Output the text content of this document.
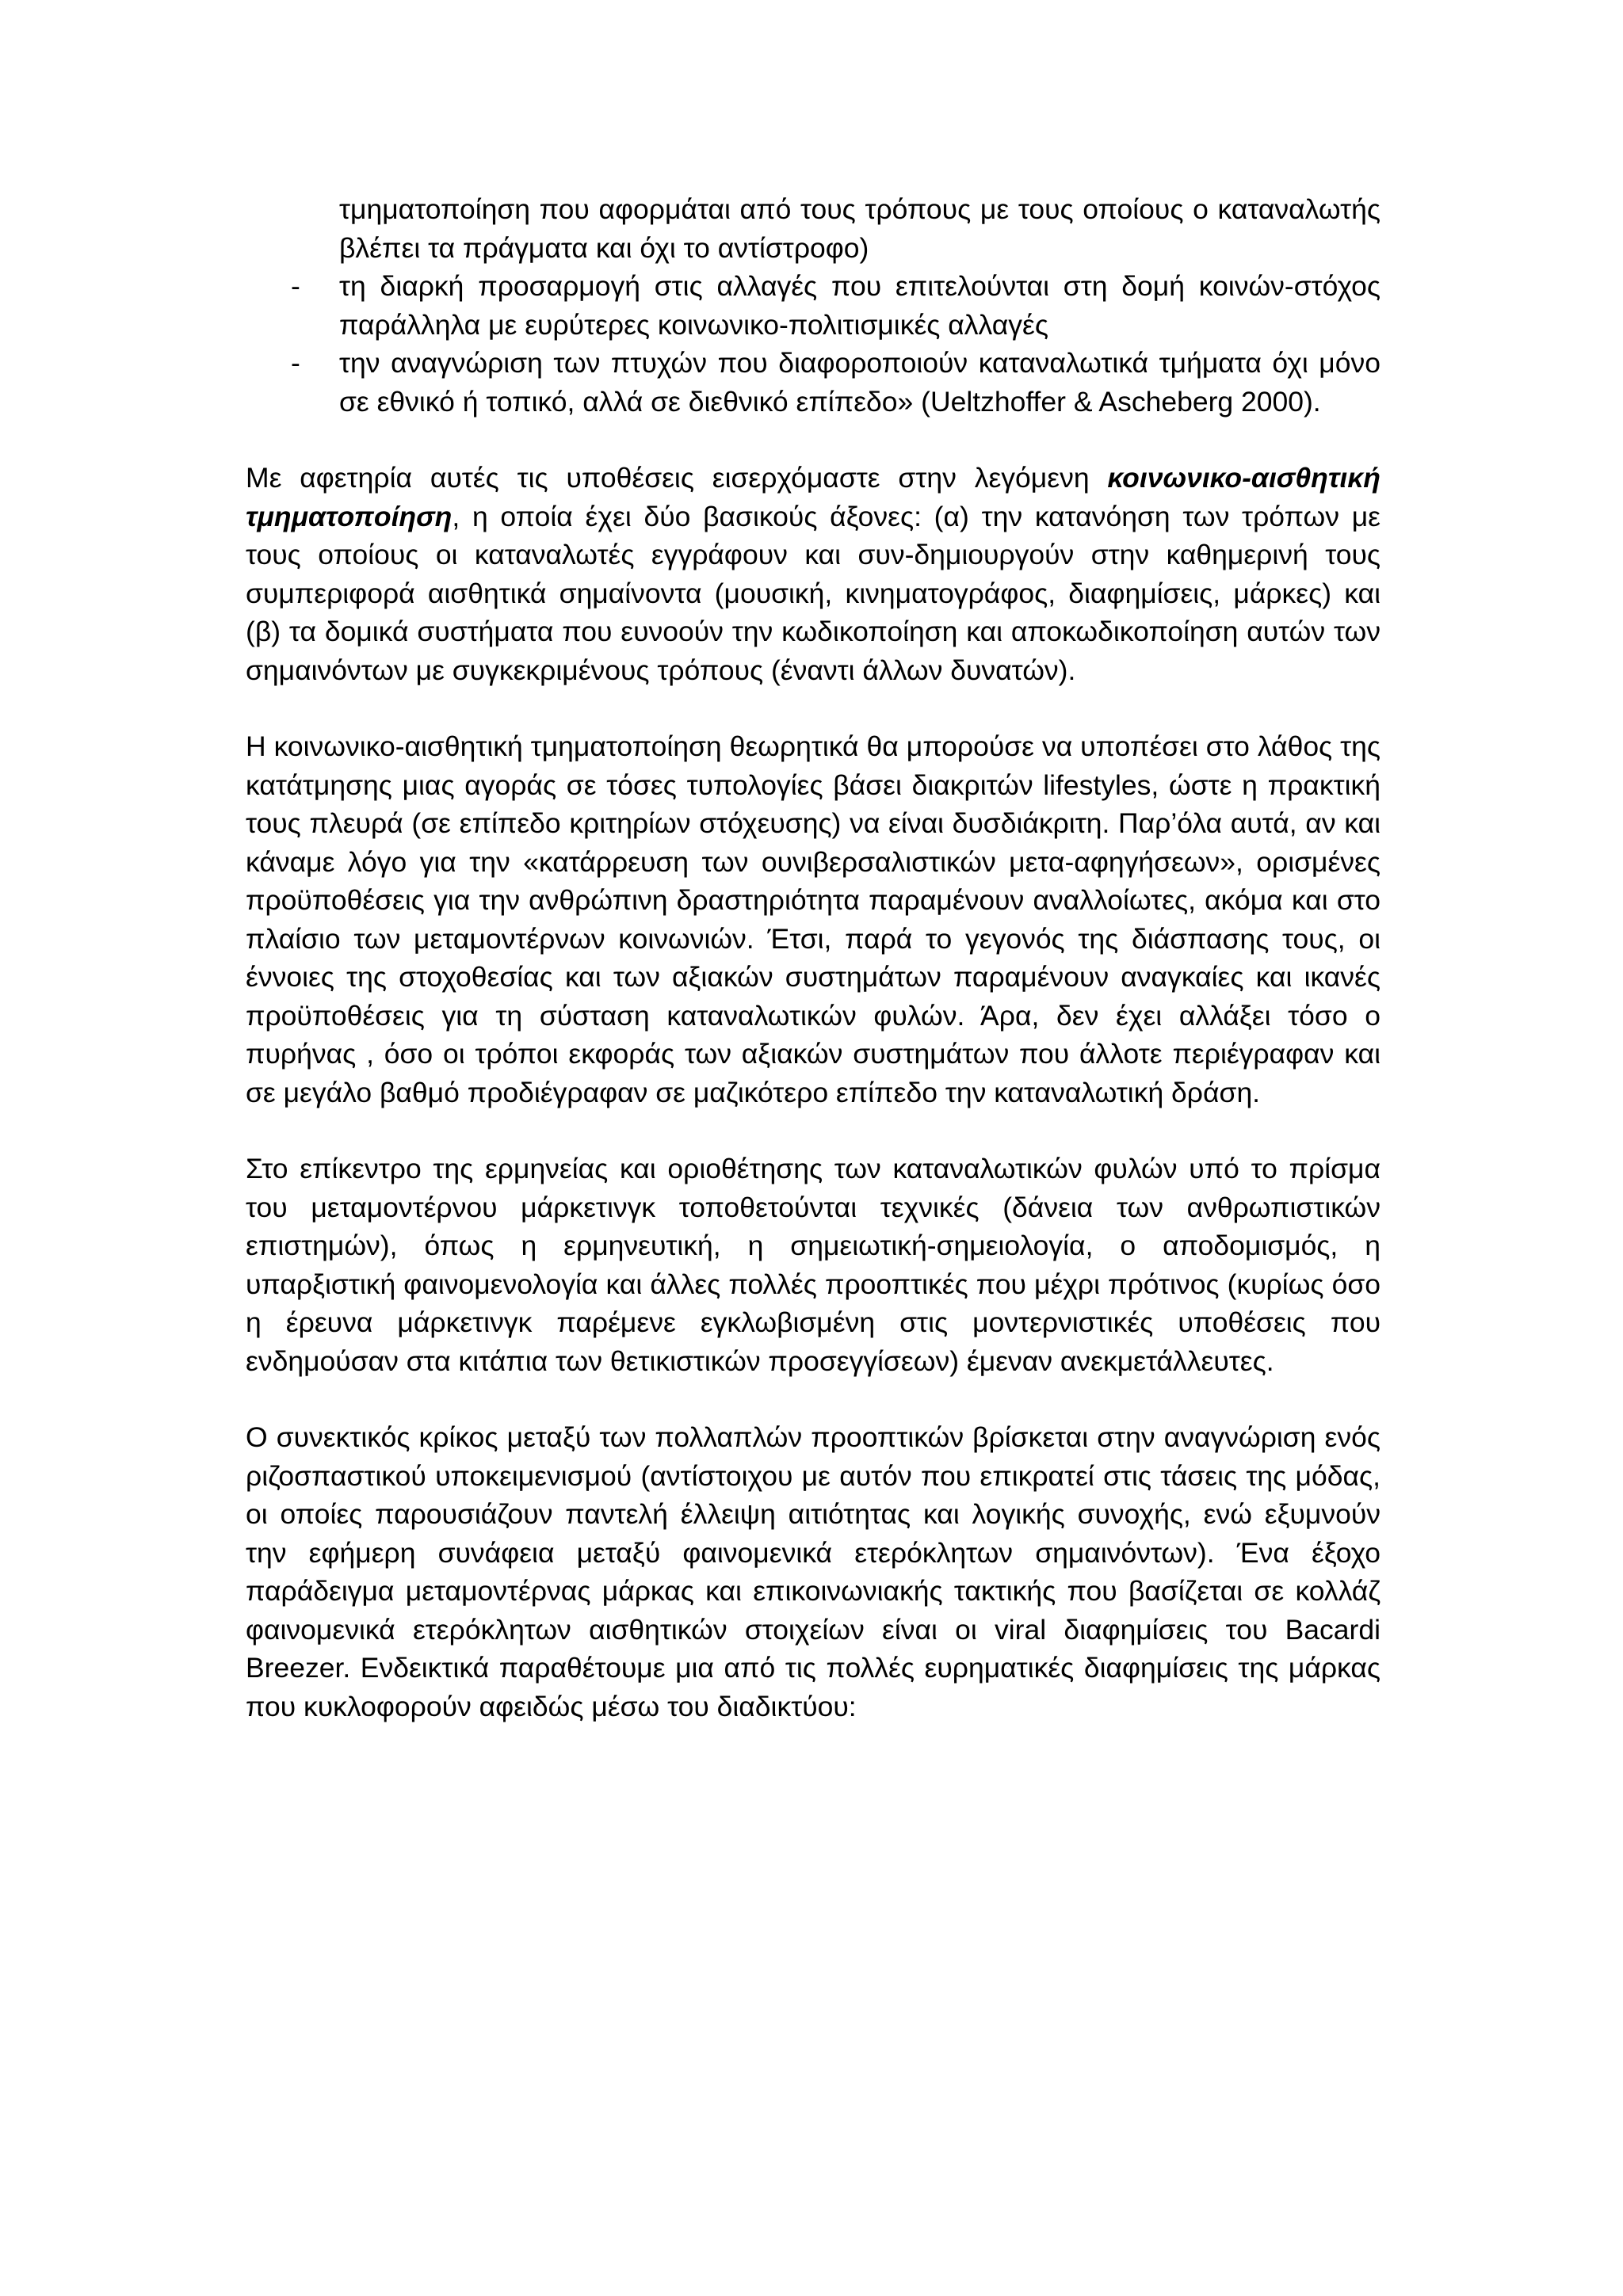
τμηματοποίηση που αφορμάται από τους τρόπους με τους οποίους ο καταναλωτής βλέπει τα πράγματα και όχι το αντίστροφο)
-	τη διαρκή προσαρμογή στις αλλαγές που επιτελούνται στη δομή κοινών-στόχος παράλληλα με ευρύτερες κοινωνικο-πολιτισμικές αλλαγές
-	την αναγνώριση των πτυχών που διαφοροποιούν καταναλωτικά τμήματα όχι μόνο σε εθνικό ή τοπικό, αλλά σε διεθνικό επίπεδο» (Ueltzhoffer & Ascheberg 2000).

Με αφετηρία αυτές τις υποθέσεις εισερχόμαστε στην λεγόμενη κοινωνικο-αισθητική τμηματοποίηση, η οποία έχει δύο βασικούς άξονες: (α) την κατανόηση των τρόπων με τους οποίους οι καταναλωτές εγγράφουν και συν-δημιουργούν στην καθημερινή τους συμπεριφορά αισθητικά σημαίνοντα (μουσική, κινηματογράφος, διαφημίσεις, μάρκες) και (β) τα δομικά συστήματα που ευνοούν την κωδικοποίηση και αποκωδικοποίηση αυτών των σημαινόντων με συγκεκριμένους τρόπους (έναντι άλλων δυνατών).

Η κοινωνικο-αισθητική τμηματοποίηση θεωρητικά θα μπορούσε να υποπέσει στο λάθος της κατάτμησης μιας αγοράς σε τόσες τυπολογίες βάσει διακριτών lifestyles, ώστε η πρακτική τους πλευρά (σε επίπεδο κριτηρίων στόχευσης) να είναι δυσδιάκριτη. Παρ’όλα αυτά, αν και κάναμε λόγο για την «κατάρρευση των ουνιβερσαλιστικών μετα-αφηγήσεων», ορισμένες προϋποθέσεις για την ανθρώπινη δραστηριότητα παραμένουν αναλλοίωτες, ακόμα και στο πλαίσιο των μεταμοντέρνων κοινωνιών. Έτσι, παρά το γεγονός της διάσπασης τους, οι έννοιες της στοχοθεσίας και των αξιακών συστημάτων παραμένουν αναγκαίες και ικανές προϋποθέσεις για τη σύσταση καταναλωτικών φυλών. Άρα, δεν έχει αλλάξει τόσο ο πυρήνας , όσο οι τρόποι εκφοράς των αξιακών συστημάτων που άλλοτε περιέγραφαν και σε μεγάλο βαθμό προδιέγραφαν σε μαζικότερο επίπεδο την καταναλωτική δράση.

Στο επίκεντρο της ερμηνείας και οριοθέτησης των καταναλωτικών φυλών υπό το πρίσμα του μεταμοντέρνου μάρκετινγκ τοποθετούνται τεχνικές (δάνεια των ανθρωπιστικών επιστημών), όπως η ερμηνευτική, η σημειωτική-σημειολογία, ο αποδομισμός, η υπαρξιστική φαινομενολογία και άλλες πολλές προοπτικές που μέχρι πρότινος (κυρίως όσο η έρευνα μάρκετινγκ παρέμενε εγκλωβισμένη στις μοντερνιστικές υποθέσεις που ενδημούσαν στα κιτάπια των θετικιστικών προσεγγίσεων) έμεναν ανεκμετάλλευτες.

Ο συνεκτικός κρίκος μεταξύ των πολλαπλών προοπτικών βρίσκεται στην αναγνώριση ενός ριζοσπαστικού υποκειμενισμού (αντίστοιχου με αυτόν που επικρατεί στις τάσεις της μόδας, οι οποίες παρουσιάζουν παντελή έλλειψη αιτιότητας και λογικής συνοχής, ενώ εξυμνούν την εφήμερη συνάφεια μεταξύ φαινομενικά ετερόκλητων σημαινόντων). Ένα έξοχο παράδειγμα μεταμοντέρνας μάρκας και επικοινωνιακής τακτικής που βασίζεται σε κολλάζ φαινομενικά ετερόκλητων αισθητικών στοιχείων είναι οι viral διαφημίσεις του Bacardi Breezer. Ενδεικτικά παραθέτουμε μια από τις πολλές ευρηματικές διαφημίσεις της μάρκας που κυκλοφορούν αφειδώς μέσω του διαδικτύου:
